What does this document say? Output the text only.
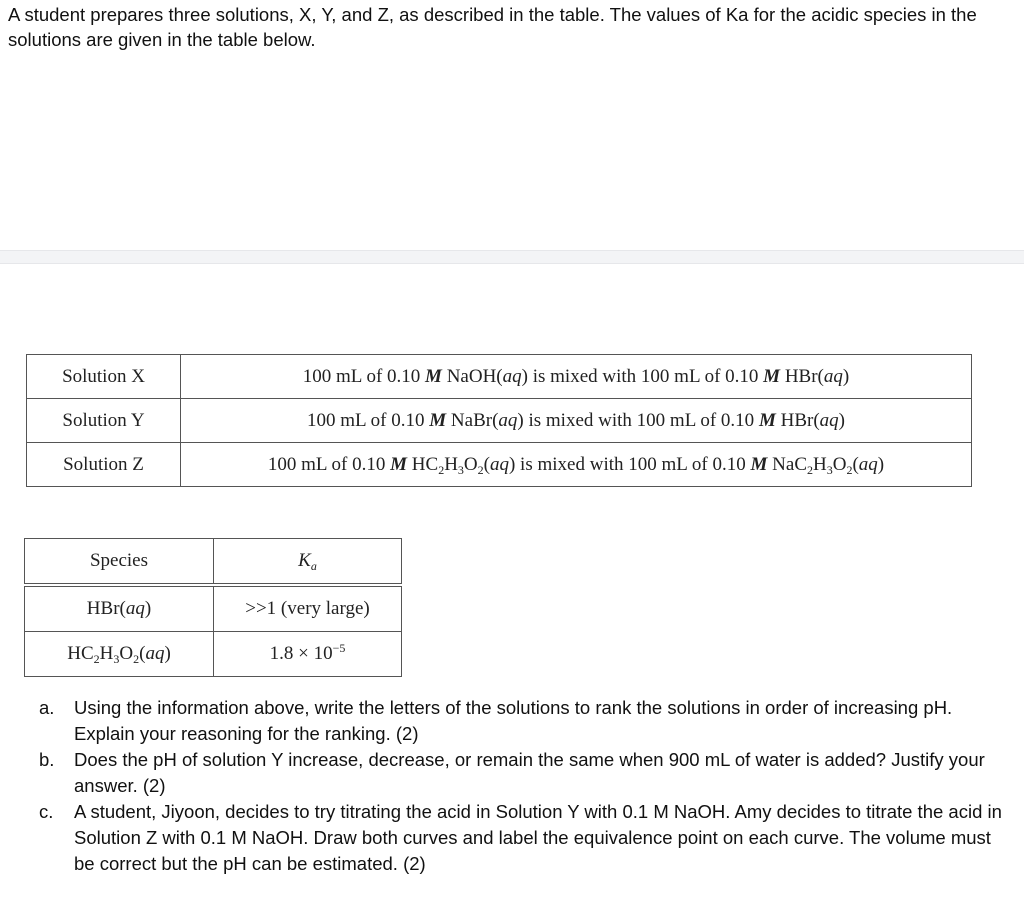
A student prepares three solutions, X, Y, and Z, as described in the table. The values of Ka for the acidic species in the solutions are given in the table below.

Solution X	100 mL of 0.10 M NaOH(aq) is mixed with 100 mL of 0.10 M HBr(aq)
Solution Y	100 mL of 0.10 M NaBr(aq) is mixed with 100 mL of 0.10 M HBr(aq)
Solution Z	100 mL of 0.10 M $HC_2H_3O_2(aq)$ is mixed with 100 mL of 0.10 M $NaC_2H_3O_2(aq)$
Species	$K_a$
HBr(aq)	>>1 (very large)
$HC_2H_3O_2(aq)$	$1.8 \times 10^{-5}$
a. Using the information above, write the letters of the solutions to rank the solutions in order of increasing pH. Explain your reasoning for the ranking. (2)
b. Does the pH of solution Y increase, decrease, or remain the same when 900 mL of water is added? Justify your answer. (2)
c. A student, Jiyoon, decides to try titrating the acid in Solution Y with 0.1 M NaOH. Amy decides to titrate the acid in Solution Z with 0.1 M NaOH. Draw both curves and label the equivalence point on each curve. The volume must be correct but the pH can be estimated. (2)
